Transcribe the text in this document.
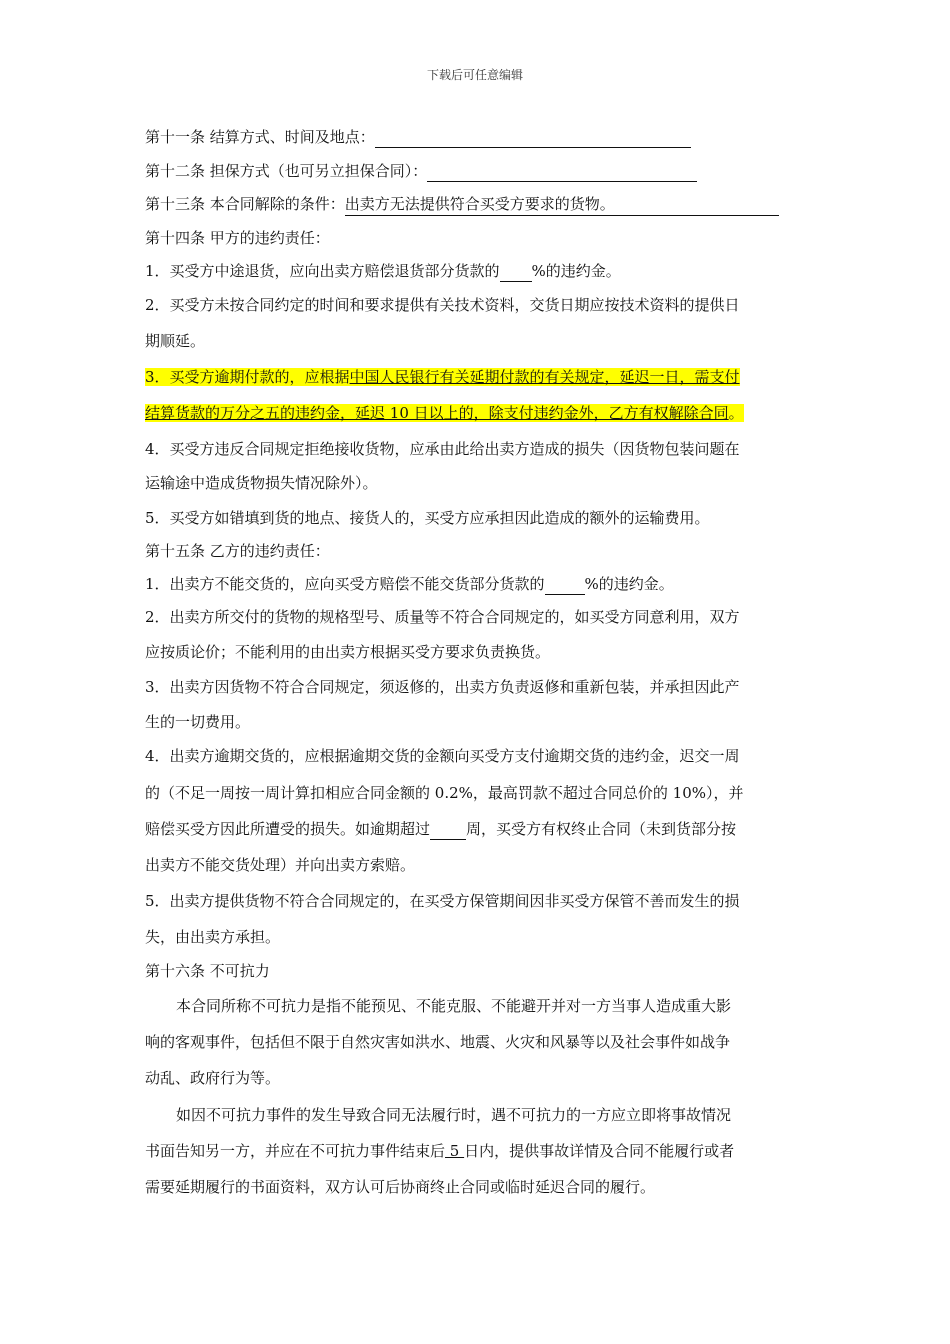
下载后可任意编辑
第十一条 结算方式、时间及地点：
第十二条 担保方式（也可另立担保合同）：
第十三条 本合同解除的条件：出卖方无法提供符合买受方要求的货物。
第十四条 甲方的违约责任：
1．买受方中途退货，应向出卖方赔偿退货部分货款的 %的违约金。
2．买受方未按合同约定的时间和要求提供有关技术资料，交货日期应按技术资料的提供日
期顺延。
3．买受方逾期付款的，应根据中国人民银行有关延期付款的有关规定，延迟一日，需支付
结算货款的万分之五的违约金，延迟 10 日以上的，除支付违约金外，乙方有权解除合同。
4．买受方违反合同规定拒绝接收货物，应承由此给出卖方造成的损失（因货物包装问题在
运输途中造成货物损失情况除外）。
5．买受方如错填到货的地点、接货人的，买受方应承担因此造成的额外的运输费用。
第十五条 乙方的违约责任：
1．出卖方不能交货的，应向买受方赔偿不能交货部分货款的	%的违约金。
2．出卖方所交付的货物的规格型号、质量等不符合合同规定的，如买受方同意利用，双方
应按质论价；不能利用的由出卖方根据买受方要求负责换货。
3．出卖方因货物不符合合同规定，须返修的，出卖方负责返修和重新包装，并承担因此产
生的一切费用。
4．出卖方逾期交货的，应根据逾期交货的金额向买受方支付逾期交货的违约金，迟交一周
的（不足一周按一周计算扣相应合同金额的 0.2%，最高罚款不超过合同总价的 10%），并
赔偿买受方因此所遭受的损失。如逾期超过 周，买受方有权终止合同（未到货部分按
出卖方不能交货处理）并向出卖方索赔。
5．出卖方提供货物不符合合同规定的，在买受方保管期间因非买受方保管不善而发生的损
失，由出卖方承担。
第十六条 不可抗力
本合同所称不可抗力是指不能预见、不能克服、不能避开并对一方当事人造成重大影
响的客观事件，包括但不限于自然灾害如洪水、地震、火灾和风暴等以及社会事件如战争
动乱、政府行为等。
如因不可抗力事件的发生导致合同无法履行时，遇不可抗力的一方应立即将事故情况
书面告知另一方，并应在不可抗力事件结束后 5 日内，提供事故详情及合同不能履行或者
需要延期履行的书面资料，双方认可后协商终止合同或临时延迟合同的履行。
